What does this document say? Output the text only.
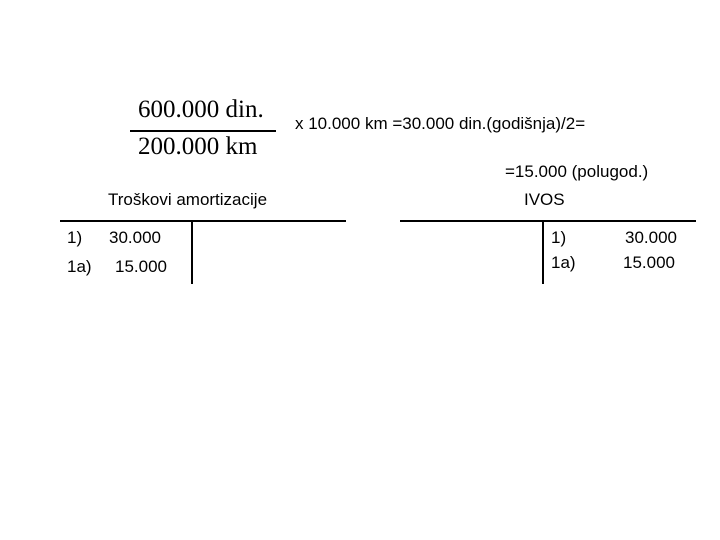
600.000 din.
200.000 km
x 10.000 km =30.000 din.(godišnja)/2=
=15.000 (polugod.)
Troškovi amortizacije
1) 30.000
1a) 15.000
IVOS
1)	30.000
1a)	15.000
